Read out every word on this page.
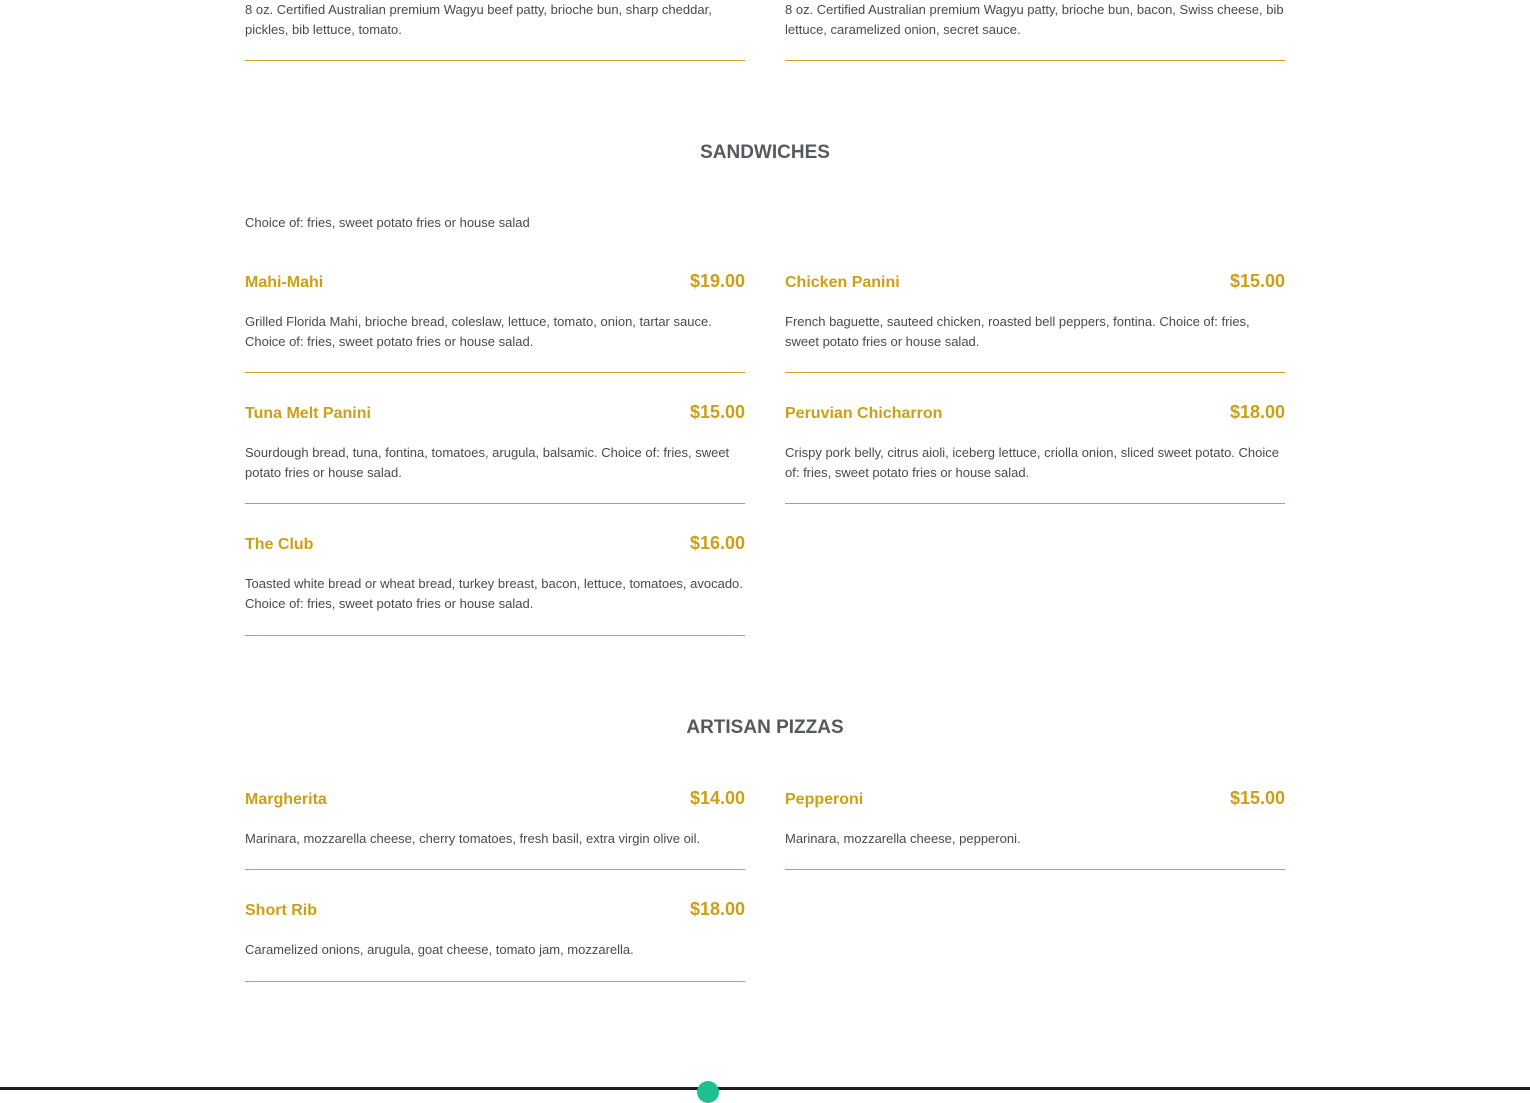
8 oz. Certified Australian premium Wagyu beef patty, brioche bun, sharp cheddar, pickles, bib lettuce, tomato.

8 oz. Certified Australian premium Wagyu patty, brioche bun, bacon, Swiss cheese, bib lettuce, caramelized onion, secret sauce.

SANDWICHES
Choice of: fries, sweet potato fries or house salad
Mahi-Mahi	$19.00

Grilled Florida Mahi, brioche bread, coleslaw, lettuce, tomato, onion, tartar sauce. Choice of: fries, sweet potato fries or house salad.

Chicken Panini	$15.00

French baguette, sauteed chicken, roasted bell peppers, fontina. Choice of: fries, sweet potato fries or house salad.

Tuna Melt Panini	$15.00

Sourdough bread, tuna, fontina, tomatoes, arugula, balsamic. Choice of: fries, sweet potato fries or house salad.

Peruvian Chicharron	$18.00

Crispy pork belly, citrus aioli, iceberg lettuce, criolla onion, sliced sweet potato. Choice of: fries, sweet potato fries or house salad.

The Club	$16.00

Toasted white bread or wheat bread, turkey breast, bacon, lettuce, tomatoes, avocado. Choice of: fries, sweet potato fries or house salad.

ARTISAN PIZZAS
Margherita	$14.00

Marinara, mozzarella cheese, cherry tomatoes, fresh basil, extra virgin olive oil.

Pepperoni	$15.00

Marinara, mozzarella cheese, pepperoni.

Short Rib	$18.00

Caramelized onions, arugula, goat cheese, tomato jam, mozzarella.
